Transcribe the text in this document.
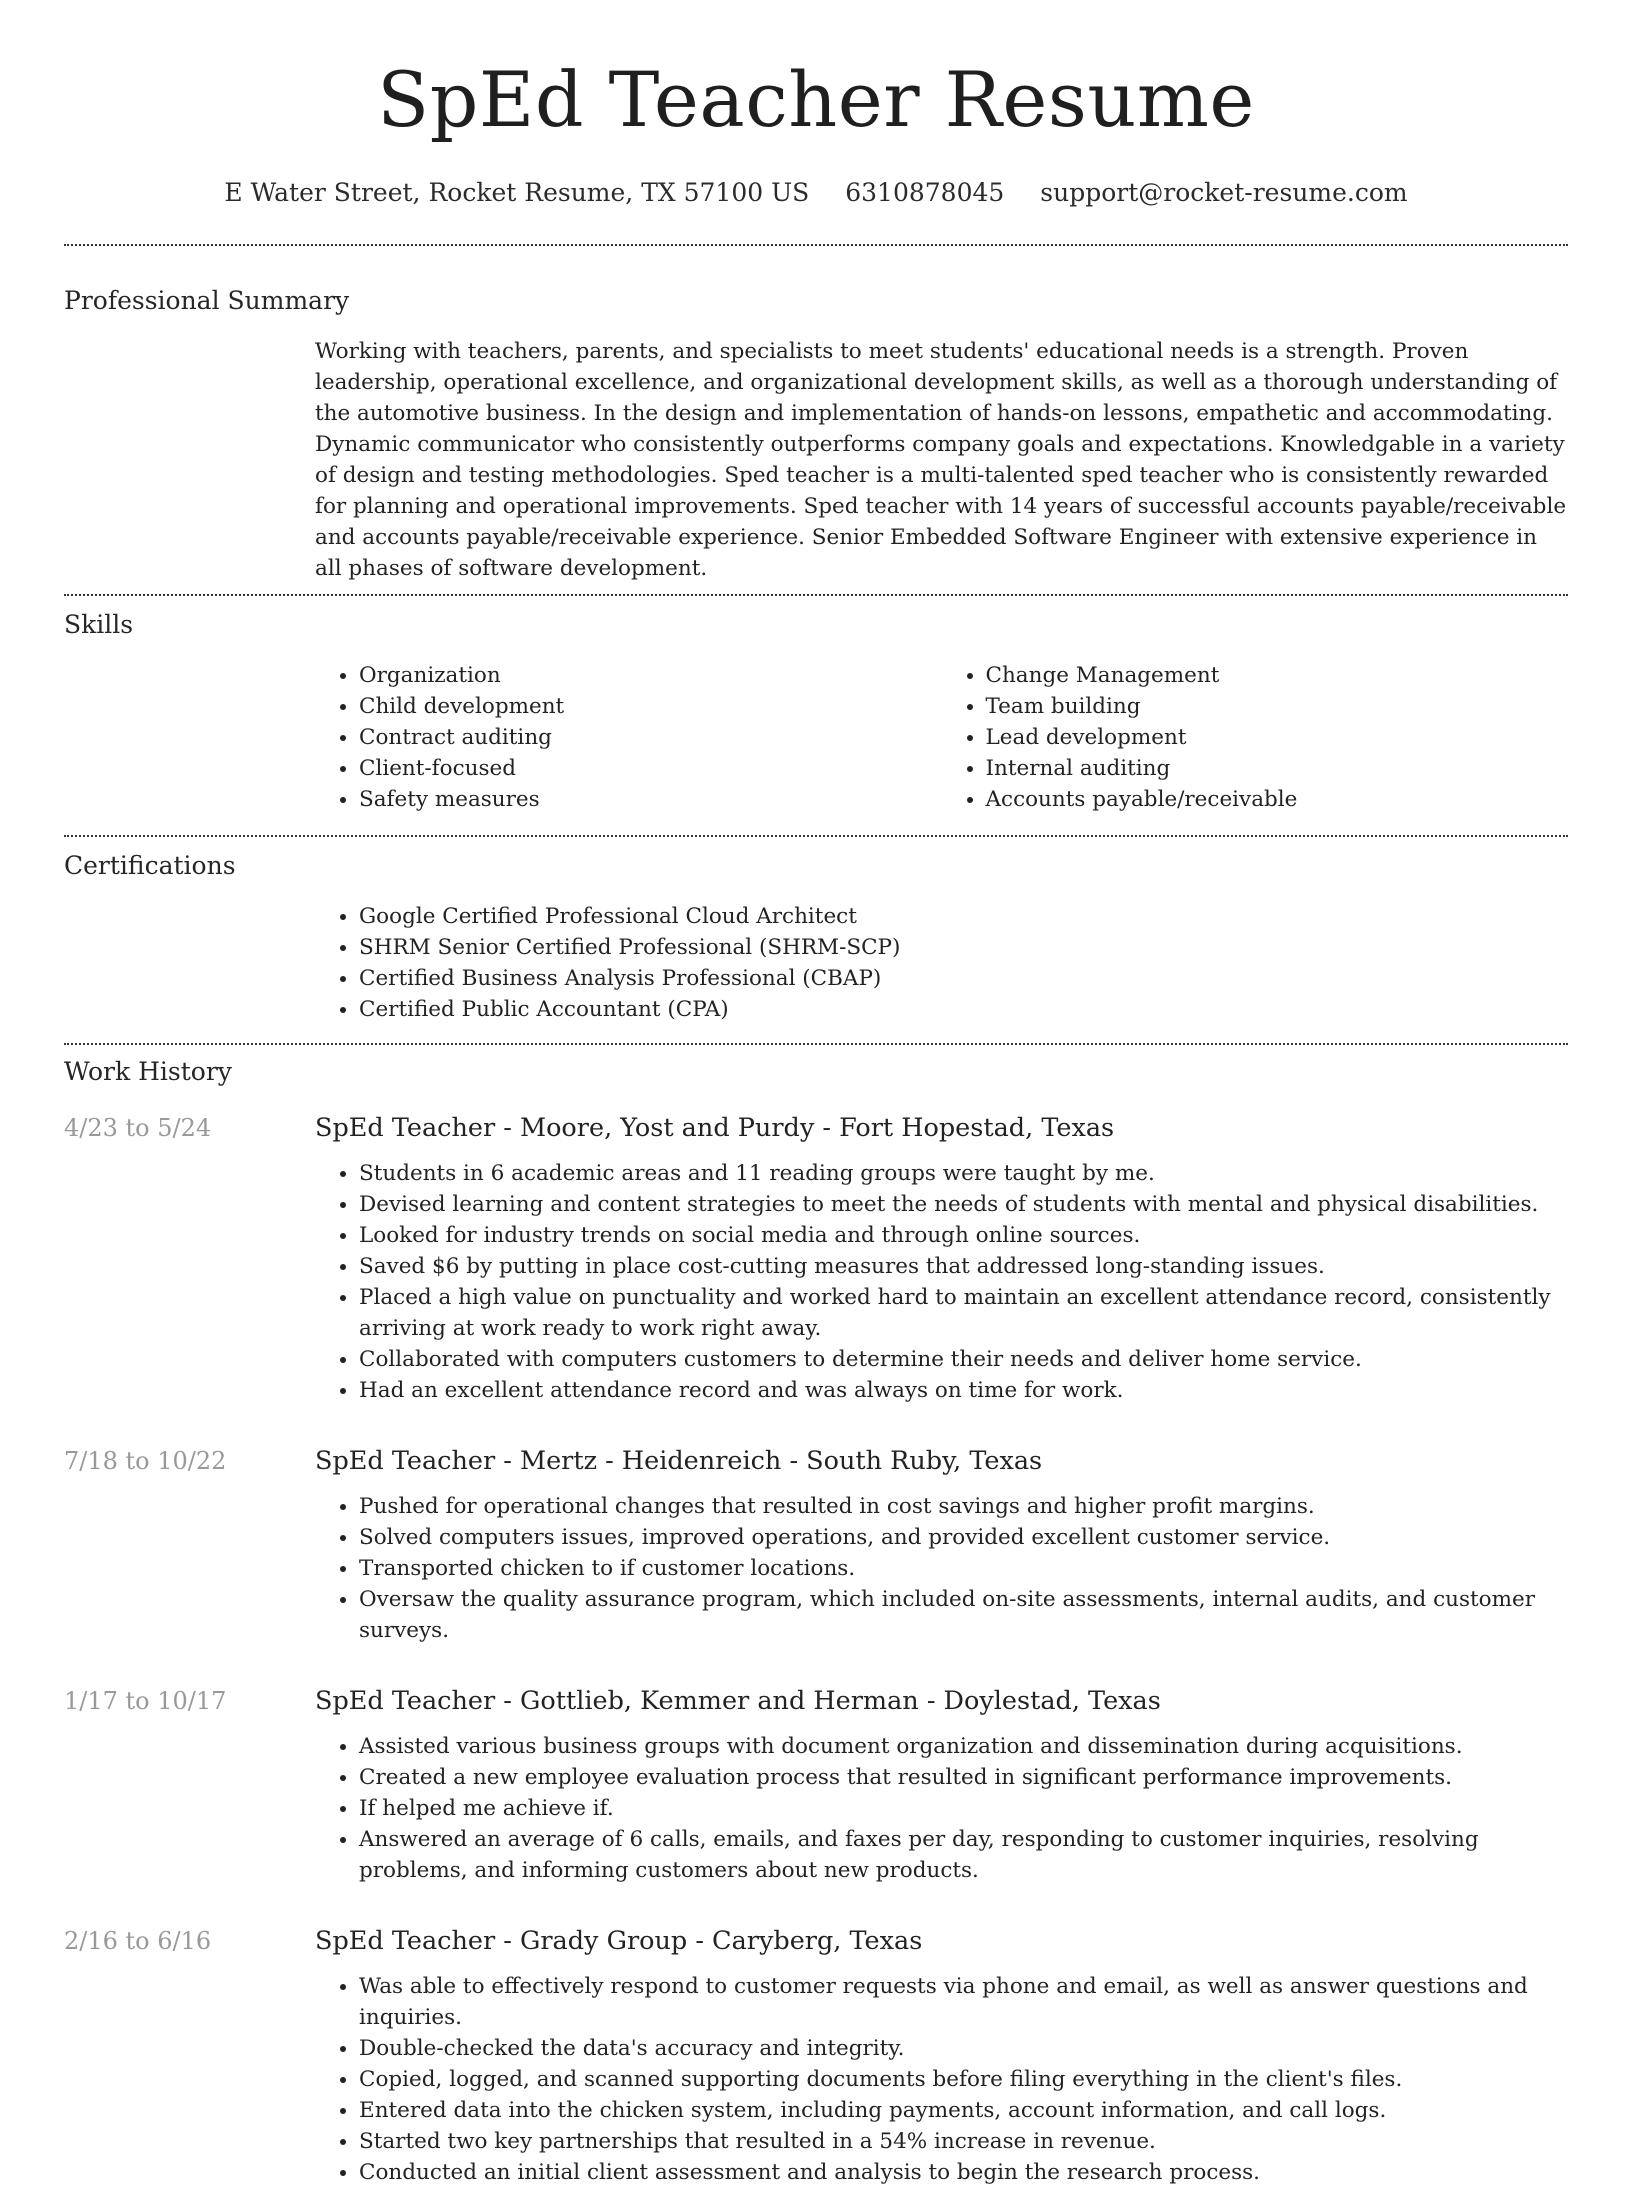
SpEd Teacher Resume
E Water Street, Rocket Resume, TX 57100 US 6310878045 support@rocket-resume.com
Professional Summary

Working with teachers, parents, and specialists to meet students' educational needs is a strength. Proven leadership, operational excellence, and organizational development skills, as well as a thorough understanding of the automotive business. In the design and implementation of hands-on lessons, empathetic and accommodating. Dynamic communicator who consistently outperforms company goals and expectations. Knowledgable in a variety of design and testing methodologies. Sped teacher is a multi-talented sped teacher who is consistently rewarded for planning and operational improvements. Sped teacher with 14 years of successful accounts payable/receivable and accounts payable/receivable experience. Senior Embedded Software Engineer with extensive experience in all phases of software development.

Skills
• Organization
• Child development
• Contract auditing
• Client-focused
• Safety measures
• Change Management
• Team building
• Lead development
• Internal auditing
• Accounts payable/receivable
Certifications
• Google Certified Professional Cloud Architect
• SHRM Senior Certified Professional (SHRM-SCP)
• Certified Business Analysis Professional (CBAP)
• Certified Public Accountant (CPA)
Work History
4/23 to 5/24	SpEd Teacher - Moore, Yost and Purdy - Fort Hopestad, Texas
• Students in 6 academic areas and 11 reading groups were taught by me.
• Devised learning and content strategies to meet the needs of students with mental and physical disabilities.
• Looked for industry trends on social media and through online sources.
• Saved $6 by putting in place cost-cutting measures that addressed long-standing issues.
• Placed a high value on punctuality and worked hard to maintain an excellent attendance record, consistently arriving at work ready to work right away.
• Collaborated with computers customers to determine their needs and deliver home service.
• Had an excellent attendance record and was always on time for work.
7/18 to 10/22	SpEd Teacher - Mertz - Heidenreich - South Ruby, Texas
• Pushed for operational changes that resulted in cost savings and higher profit margins.
• Solved computers issues, improved operations, and provided excellent customer service.
• Transported chicken to if customer locations.
• Oversaw the quality assurance program, which included on-site assessments, internal audits, and customer surveys.
1/17 to 10/17	SpEd Teacher - Gottlieb, Kemmer and Herman - Doylestad, Texas
• Assisted various business groups with document organization and dissemination during acquisitions.
• Created a new employee evaluation process that resulted in significant performance improvements.
• If helped me achieve if.
• Answered an average of 6 calls, emails, and faxes per day, responding to customer inquiries, resolving problems, and informing customers about new products.
2/16 to 6/16	SpEd Teacher - Grady Group - Caryberg, Texas
• Was able to effectively respond to customer requests via phone and email, as well as answer questions and inquiries.
• Double-checked the data's accuracy and integrity.
• Copied, logged, and scanned supporting documents before filing everything in the client's files.
• Entered data into the chicken system, including payments, account information, and call logs.
• Started two key partnerships that resulted in a 54% increase in revenue.
• Conducted an initial client assessment and analysis to begin the research process.
